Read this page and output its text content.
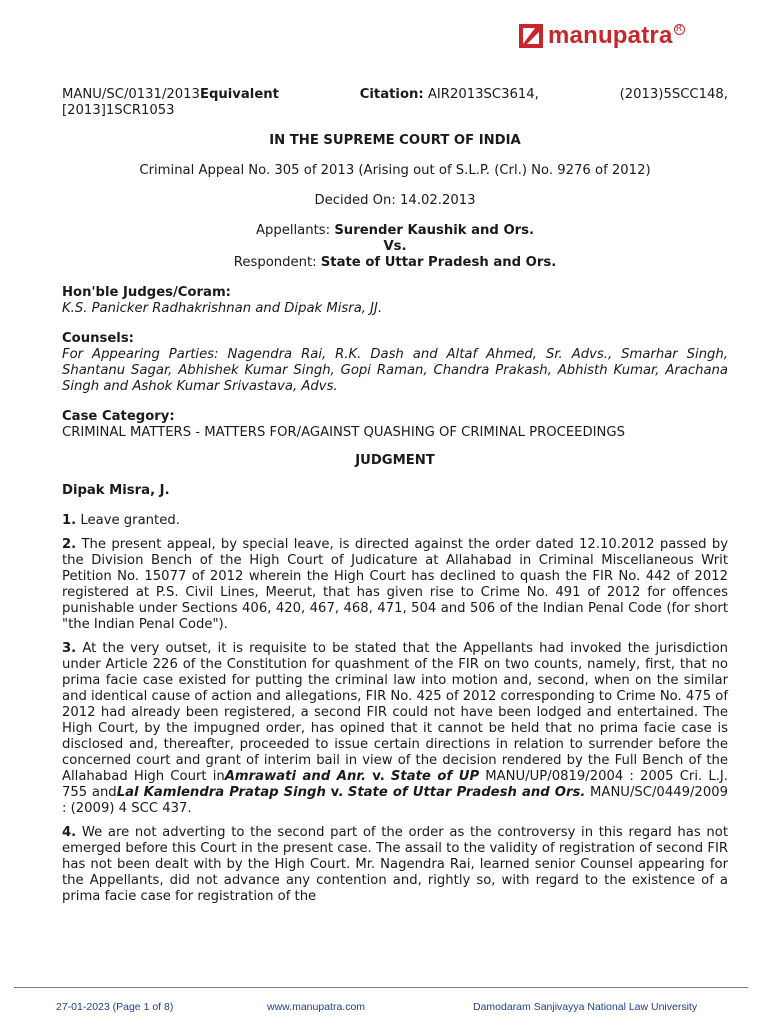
manupatra R
MANU/SC/0131/2013Equivalent	Citation: AIR2013SC3614,	(2013)5SCC148,
[2013]1SCR1053
IN THE SUPREME COURT OF INDIA
Criminal Appeal No. 305 of 2013 (Arising out of S.L.P. (Crl.) No. 9276 of 2012)
Decided On: 14.02.2013
Appellants: Surender Kaushik and Ors.
Vs.
Respondent: State of Uttar Pradesh and Ors.
Hon'ble Judges/Coram:
K.S. Panicker Radhakrishnan and Dipak Misra, JJ.
Counsels:
For Appearing Parties: Nagendra Rai, R.K. Dash and Altaf Ahmed, Sr. Advs., Smarhar Singh, Shantanu Sagar, Abhishek Kumar Singh, Gopi Raman, Chandra Prakash, Abhisth Kumar, Arachana Singh and Ashok Kumar Srivastava, Advs.
Case Category:
CRIMINAL MATTERS - MATTERS FOR/AGAINST QUASHING OF CRIMINAL PROCEEDINGS
JUDGMENT
Dipak Misra, J.

1. Leave granted.

2. The present appeal, by special leave, is directed against the order dated 12.10.2012 passed by the Division Bench of the High Court of Judicature at Allahabad in Criminal Miscellaneous Writ Petition No. 15077 of 2012 wherein the High Court has declined to quash the FIR No. 442 of 2012 registered at P.S. Civil Lines, Meerut, that has given rise to Crime No. 491 of 2012 for offences punishable under Sections 406, 420, 467, 468, 471, 504 and 506 of the Indian Penal Code (for short "the Indian Penal Code").

3. At the very outset, it is requisite to be stated that the Appellants had invoked the jurisdiction under Article 226 of the Constitution for quashment of the FIR on two counts, namely, first, that no prima facie case existed for putting the criminal law into motion and, second, when on the similar and identical cause of action and allegations, FIR No. 425 of 2012 corresponding to Crime No. 475 of 2012 had already been registered, a second FIR could not have been lodged and entertained. The High Court, by the impugned order, has opined that it cannot be held that no prima facie case is disclosed and, thereafter, proceeded to issue certain directions in relation to surrender before the concerned court and grant of interim bail in view of the decision rendered by the Full Bench of the Allahabad High Court inAmrawati and Anr. v. State of UP MANU/UP/0819/2004 : 2005 Cri. L.J. 755 andLal Kamlendra Pratap Singh v. State of Uttar Pradesh and Ors. MANU/SC/0449/2009 : (2009) 4 SCC 437.

4. We are not adverting to the second part of the order as the controversy in this regard has not emerged before this Court in the present case. The assail to the validity of registration of second FIR has not been dealt with by the High Court. Mr. Nagendra Rai, learned senior Counsel appearing for the Appellants, did not advance any contention and, rightly so, with regard to the existence of a prima facie case for registration of the

27-01-2023 (Page 1 of 8)	www.manupatra.com	Damodaram Sanjivayya National Law University
